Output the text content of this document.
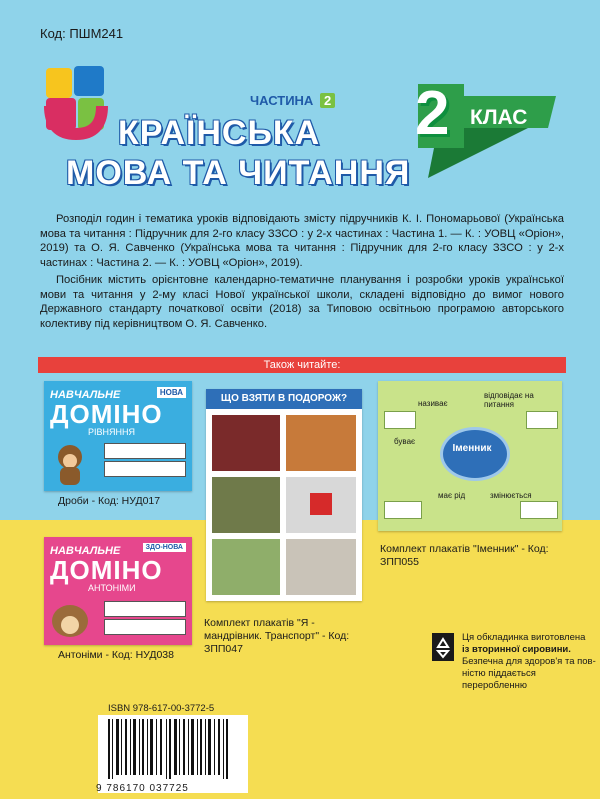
Код: ПШМ241
ЧАСТИНА 2
КРАЇНСЬКА
МОВА ТА ЧИТАННЯ
2 КЛАС

Розподіл годин і тематика уроків відповідають змісту підручників К. І. Пономарьової (Українська мова та читання : Підручник для 2-го класу ЗЗСО : у 2-х частинах : Частина 1. — К. : УОВЦ «Оріон», 2019) та О. Я. Савченко (Українська мова та читання : Підручник для 2-го класу ЗЗСО : у 2-х частинах : Частина 2. — К. : УОВЦ «Оріон», 2019).

Посібник містить орієнтовне календарно-тематичне планування і розробки уроків української мови та читання у 2-му класі Нової української школи, складені відповідно до вимог нового Державного стандарту початкової освіти (2018) за Типовою освітньою програмою авторського колективу під керівництвом О. Я. Савченко.

Також читайте:
НАВЧАЛЬНЕ
ДОМІНО
РІВНЯННЯ
НОВА
Дроби - Код: НУД017
НАВЧАЛЬНЕ
ДОМІНО
АНТОНІМИ
ЗДО-НОВА
Антоніми - Код: НУД038
ЩО ВЗЯТИ В ПОДОРОЖ?
Комплект плакатів "Я - мандрівник. Транспорт" - Код: ЗПП047
Іменник
називає
відповідає на питання
буває
має рід	змінюється
Комплект плакатів "Іменник" - Код: ЗПП055
Ця обкладинка виготовлена
із вторинної сировини.
Безпечна для здоров'я та пов-
ністю піддається переробленню
ISBN 978-617-00-3772-5
9 786170 037725
